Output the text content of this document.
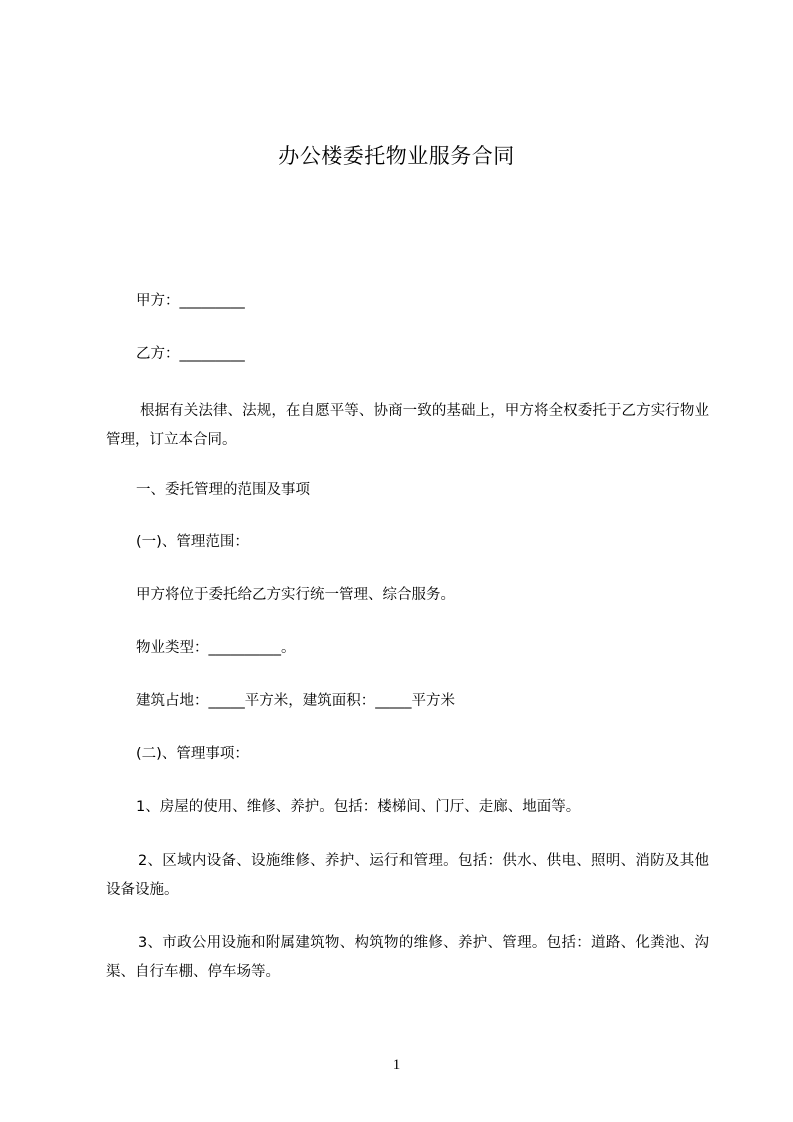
办公楼委托物业服务合同
甲方：_________
乙方：_________
根据有关法律、法规，在自愿平等、协商一致的基础上，甲方将全权委托于乙方实行物业管理，订立本合同。
一、委托管理的范围及事项
(一)、管理范围：
甲方将位于委托给乙方实行统一管理、综合服务。
物业类型：__________。
建筑占地：_____平方米，建筑面积：_____平方米
(二)、管理事项：
1、房屋的使用、维修、养护。包括：楼梯间、门厅、走廊、地面等。
2、区域内设备、设施维修、养护、运行和管理。包括：供水、供电、照明、消防及其他设备设施。
3、市政公用设施和附属建筑物、构筑物的维修、养护、管理。包括：道路、化粪池、沟渠、自行车棚、停车场等。
1
